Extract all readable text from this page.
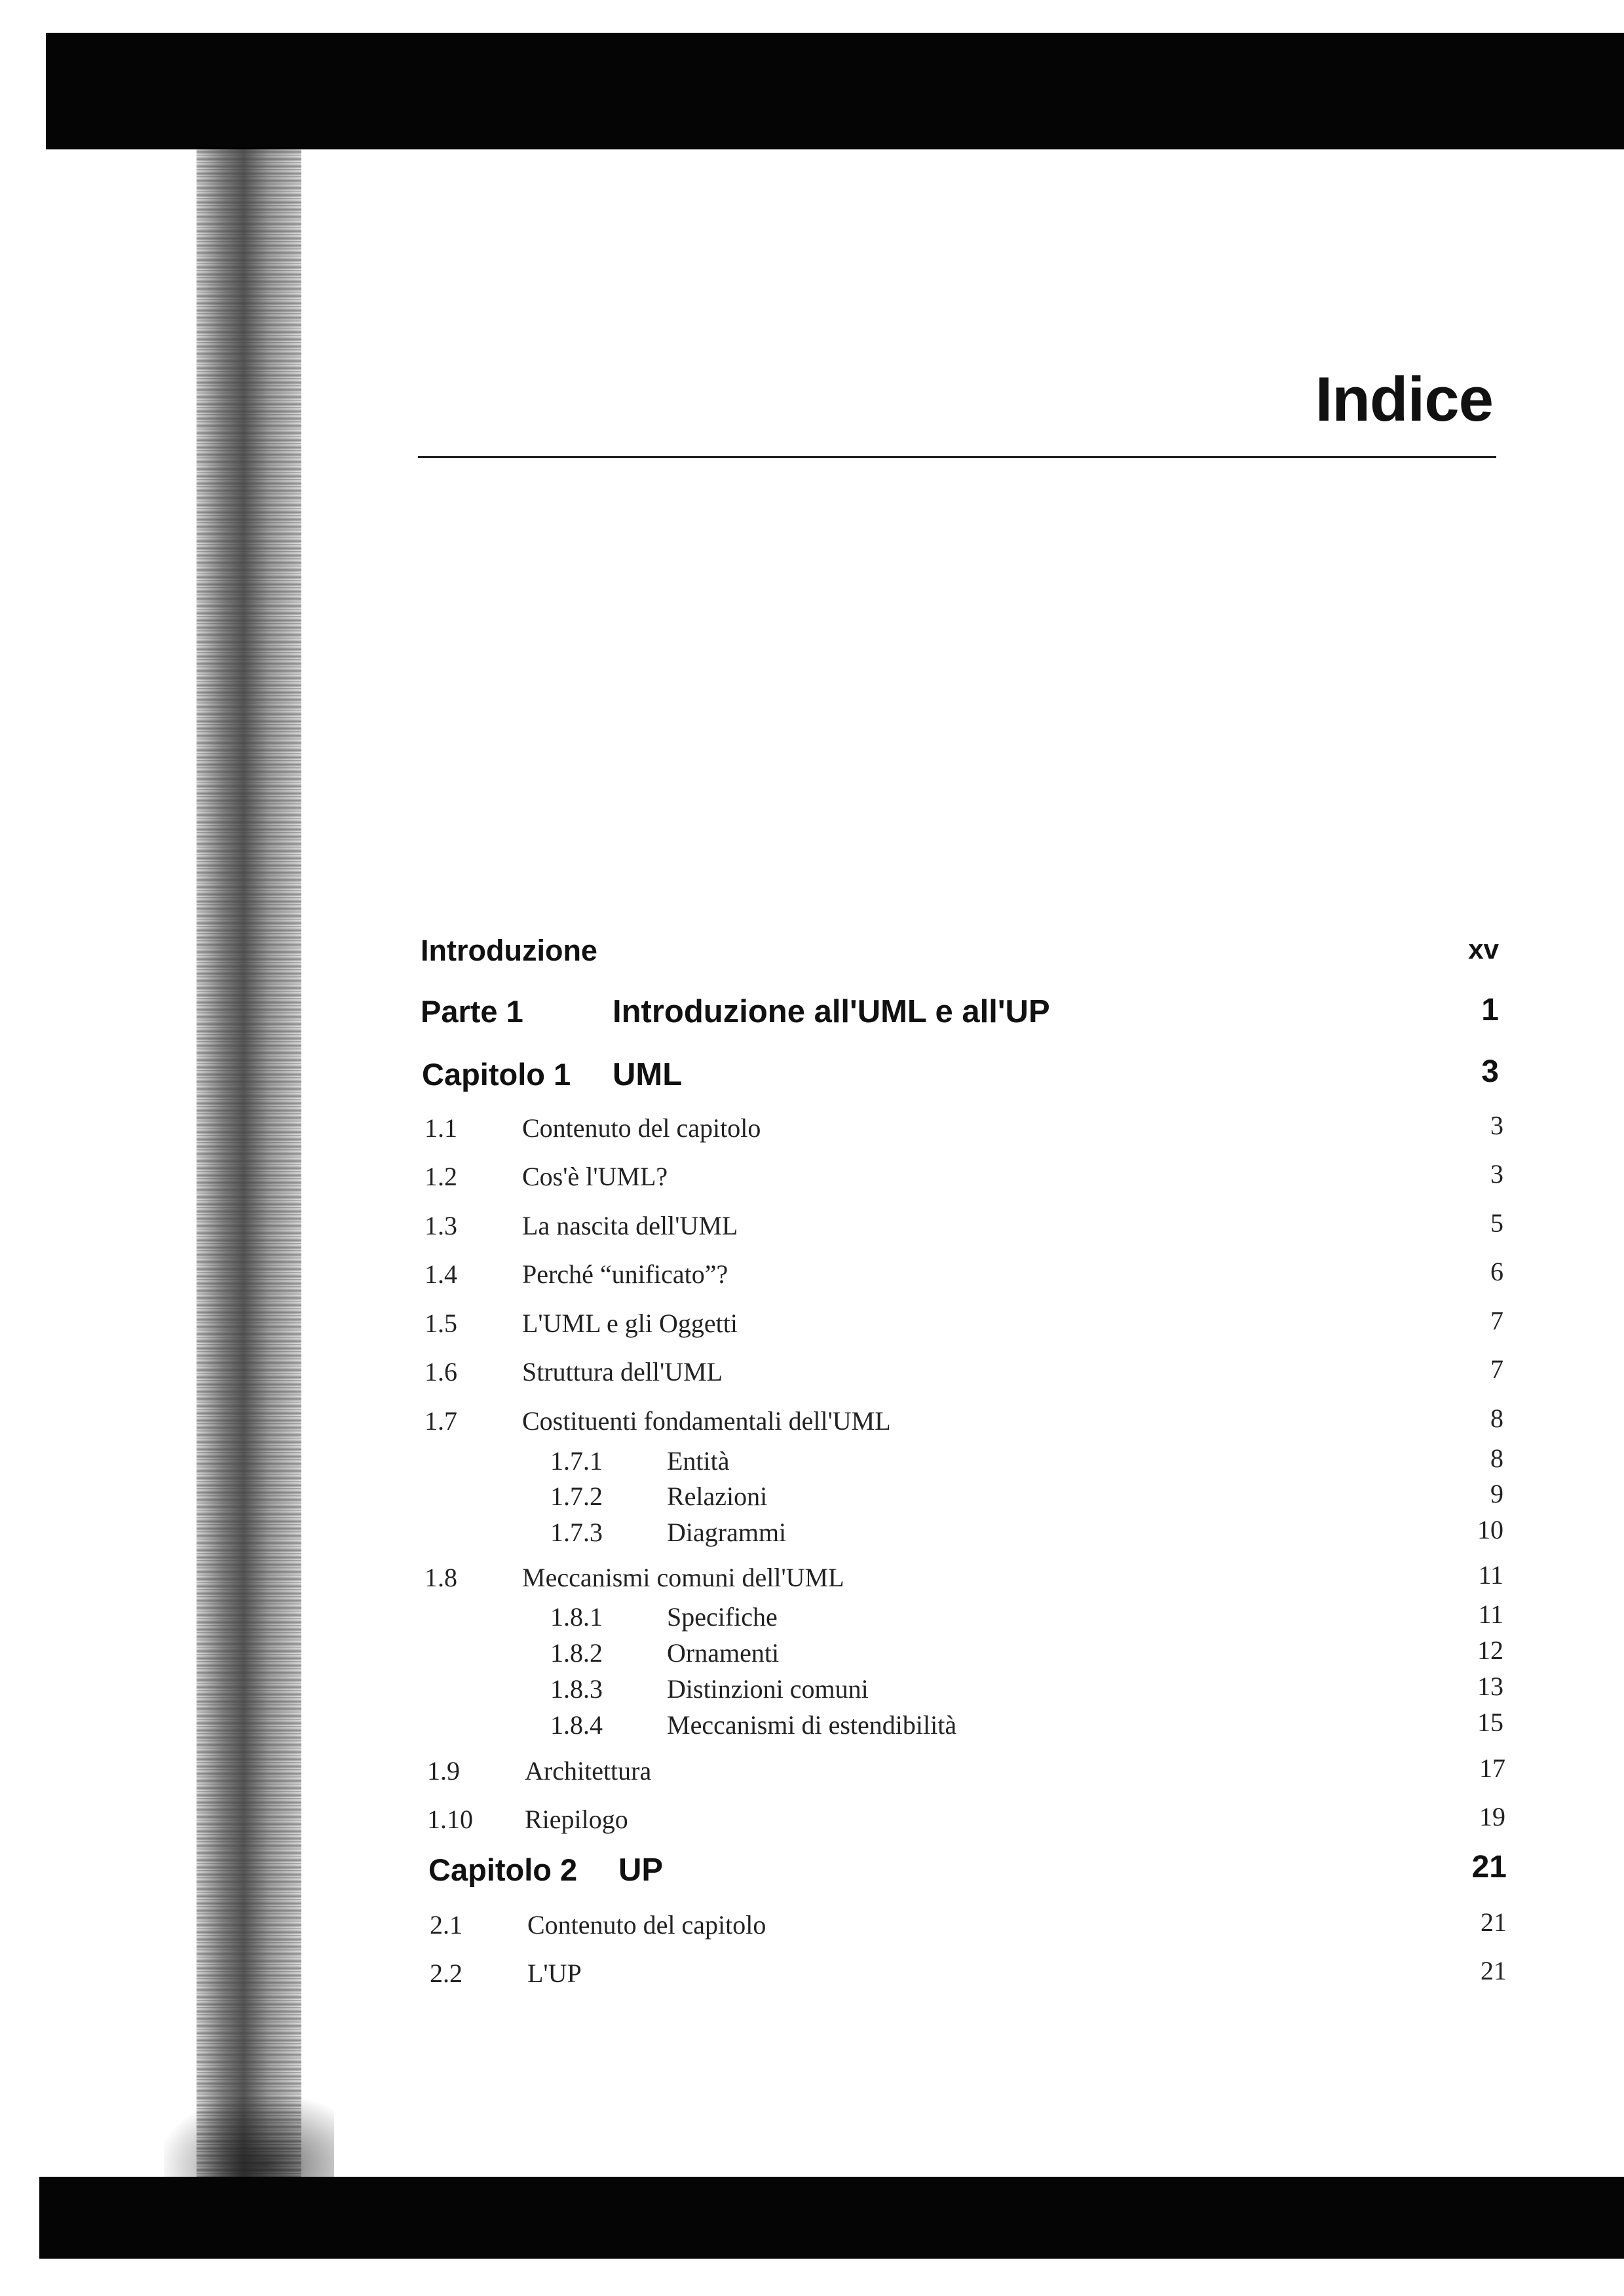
Indice
Introduzione	xv
Parte 1	Introduzione all'UML e all'UP	1
Capitolo 1 UML	3
1.1 Contenuto del capitolo	3
1.2 Cos'è l'UML?	3
1.3 La nascita dell'UML	5
1.4 Perché “unificato”?	6
1.5 L'UML e gli Oggetti	7
1.6 Struttura dell'UML	7
1.7 Costituenti fondamentali dell'UML	8
1.7.1 Entità	8
1.7.2 Relazioni	9
1.7.3 Diagrammi	10
1.8 Meccanismi comuni dell'UML	11
1.8.1 Specifiche	11
1.8.2 Ornamenti	12
1.8.3 Distinzioni comuni	13
1.8.4 Meccanismi di estendibilità	15
1.9 Architettura	17
1.10 Riepilogo	19
Capitolo 2 UP	21
2.1 Contenuto del capitolo	21
2.2 L'UP	21
